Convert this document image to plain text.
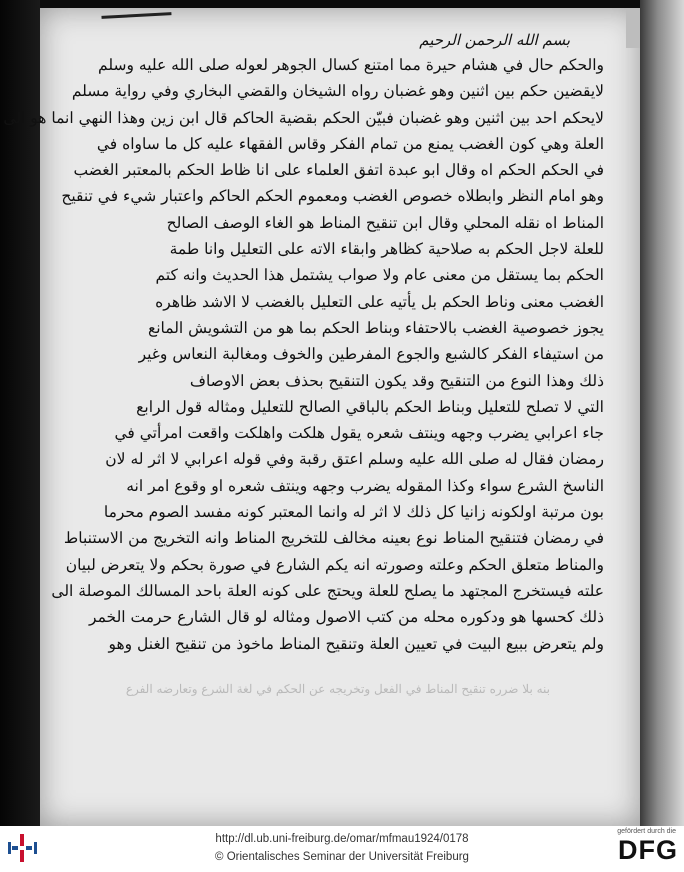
بسم الله الرحمن الرحيم
والحكم حال في هشام حيرة مما امتنع كسال الجوهر لعوله صلى الله عليه وسلم
لايقضين حكم بين اثنين وهو غضبان رواه الشيخان والقضي البخاري وفي رواية مسلم
لايحكم احد بين اثنين وهو غضبان فبيّن الحكم بقضية الحاكم قال ابن زين وهذا النهي انما هو الى
العلة وهي كون الغضب يمنع من تمام الفكر وقاس الفقهاء عليه كل ما ساواه في
في الحكم الحكم اه وقال ابو عبدة اتفق العلماء على انا ظاط الحكم بالمعتبر الغضب
وهو امام النظر وابطلاه خصوص الغضب ومعموم الحكم الحاكم واعتبار شيء في تنقيح
المناط اه نقله المحلي وقال ابن تنقيح المناط هو الغاء الوصف الصالح
للعلة لاجل الحكم به صلاحية كظاهر وابقاء الاته على التعليل وانا طمة
الحكم بما يستقل من معنى عام ولا صواب يشتمل هذا الحديث وانه كتم
الغضب معنى وناط الحكم بل يأتيه على التعليل بالغضب لا الاشد ظاهره
يجوز خصوصية الغضب بالاحتفاء وبناط الحكم بما هو من التشويش المانع
من استيفاء الفكر كالشبع والجوع المفرطين والخوف ومغالبة النعاس وغير
ذلك وهذا النوع من التنقيح وقد يكون التنقيح بحذف بعض الاوصاف
التي لا تصلح للتعليل وبناط الحكم بالباقي الصالح للتعليل ومثاله قول الرابع
جاء اعرابي يضرب وجهه وينتف شعره يقول هلكت واهلكت واقعت امرأتي في
رمضان فقال له صلى الله عليه وسلم اعتق رقبة وفي قوله اعرابي لا اثر له لان
الناسخ الشرع سواء وكذا المقوله يضرب وجهه وينتف شعره او وقوع امر انه
بون مرتبة اولكونه زانيا كل ذلك لا اثر له وانما المعتبر كونه مفسد الصوم محرما
في رمضان فتنقيح المناط نوع بعينه مخالف للتخريج المناط وانه التخريج من الاستنباط
والمناط متعلق الحكم وعلته وصورته انه يكم الشارع في صورة بحكم ولا يتعرض لبيان
علته فيستخرج المجتهد ما يصلح للعلة ويحتج على كونه العلة باحد المسالك الموصلة الى
ذلك كحسها هو ودكوره محله من كتب الاصول ومثاله لو قال الشارع حرمت الخمر
ولم يتعرض ببيع البيت في تعيين العلة وتنقيح المناط ماخوذ من تنقيح الغنل وهو
بنه بلا ضرره تنقيح المناط في الفعل وتخريجه عن الحكم في لغة الشرع وتعارضه الفرع
http://dl.ub.uni-freiburg.de/omar/mfmau1924/0178
© Orientalisches Seminar der Universität Freiburg
gefördert durch die
DFG
